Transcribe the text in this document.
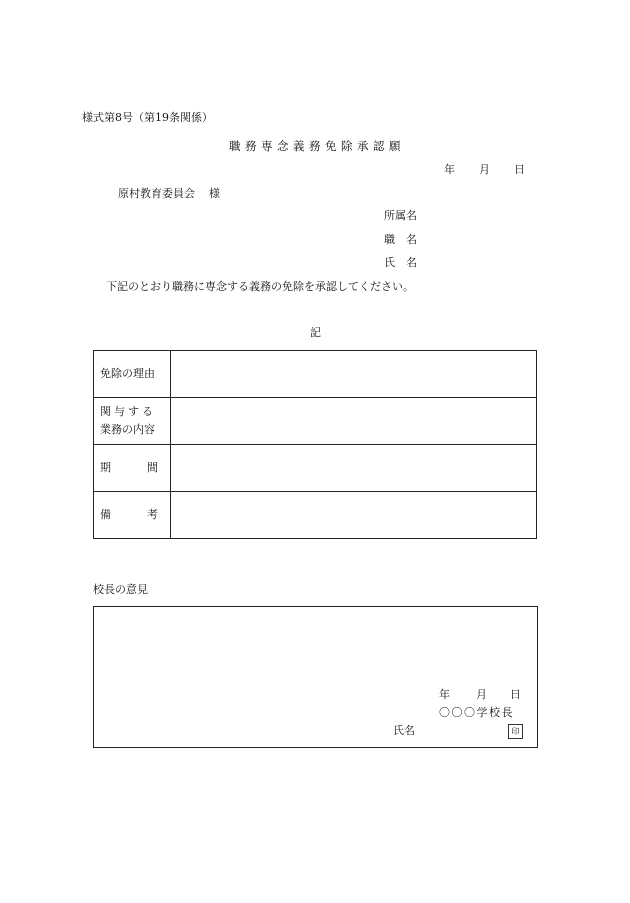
様式第8号（第19条関係）
職務専念義務免除承認願
年 月 日
原村教育委員会 様
所属名
職　名
氏　名
下記のとおり職務に専念する義務の免除を承認してください。
記
免除の理由	

関与する
業務の内容	

期 間	

備 考	

校長の意見
年 月 日
〇〇〇学校長
氏名	印
